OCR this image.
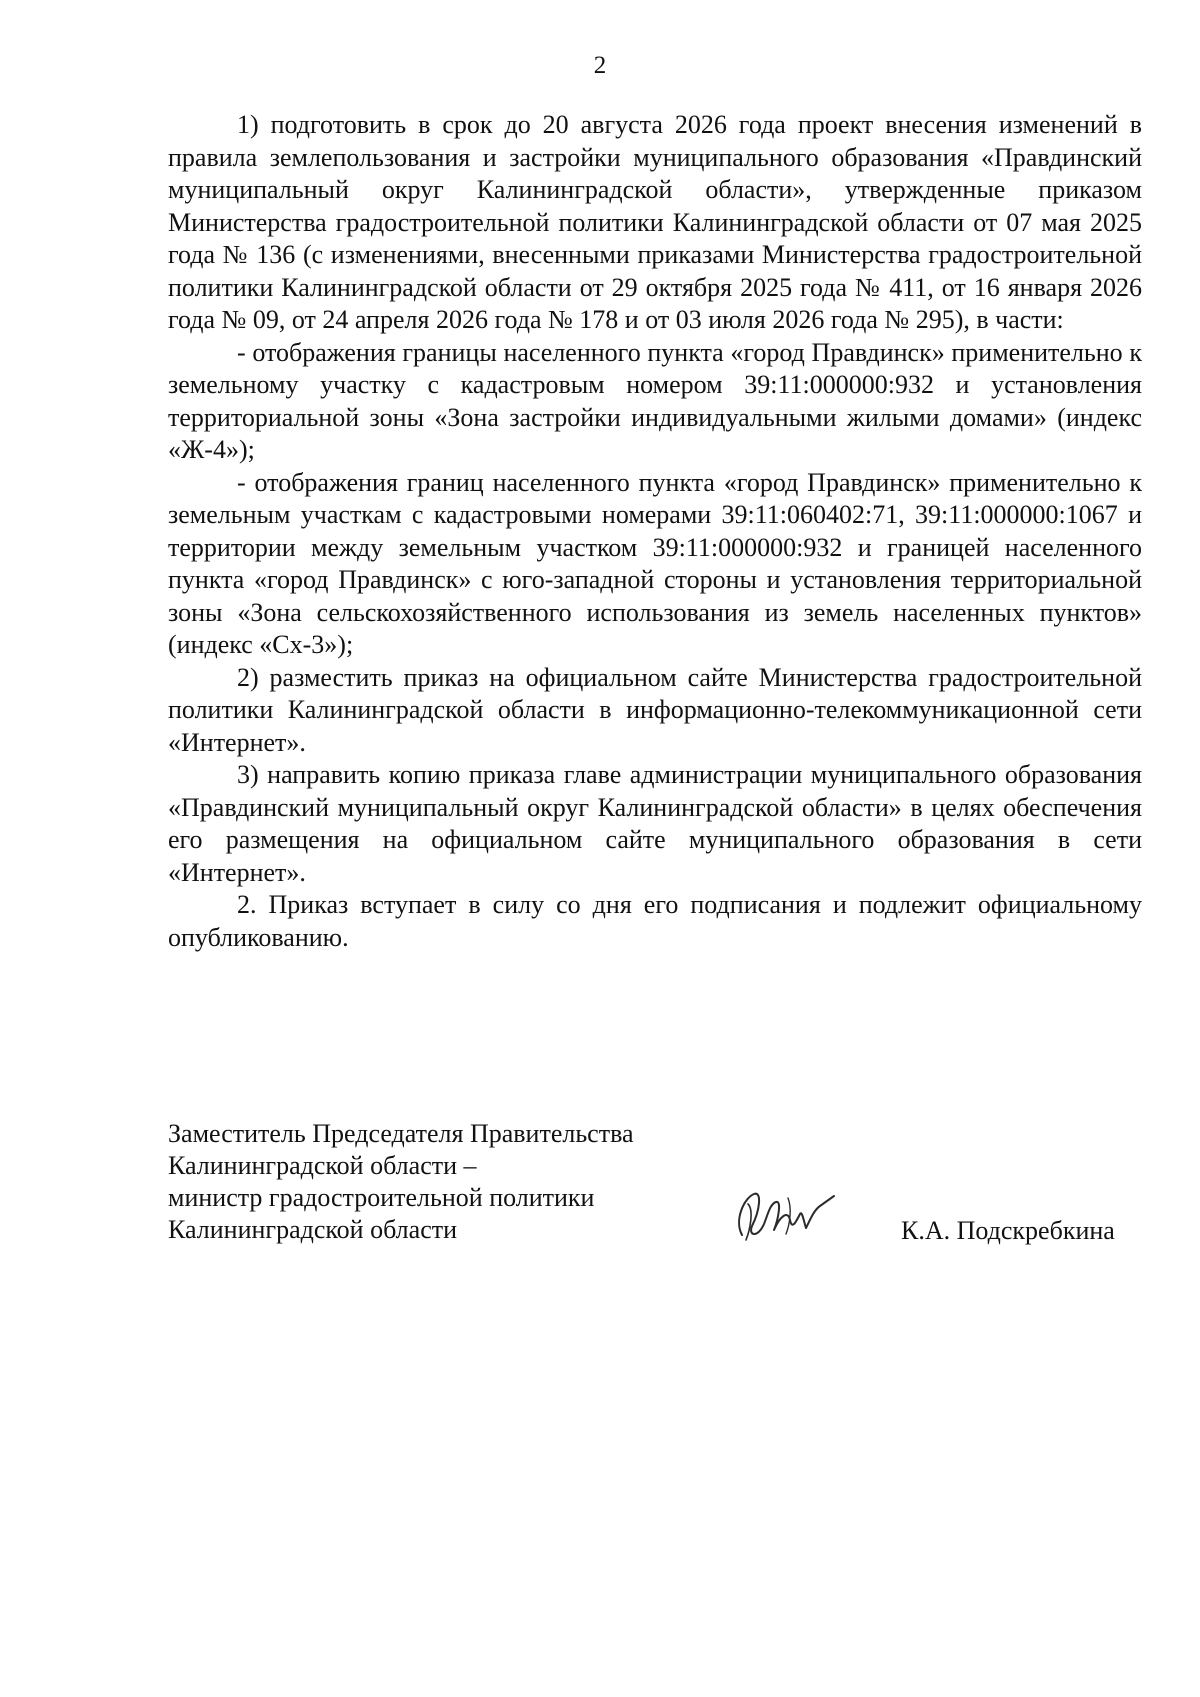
2

1) подготовить в срок до 20 августа 2026 года проект внесения изменений в правила землепользования и застройки муниципального образования «Правдинский муниципальный округ Калининградской области», утвержденные приказом Министерства градостроительной политики Калининградской области от 07 мая 2025 года № 136 (с изменениями, внесенными приказами Министерства градостроительной политики Калининградской области от 29 октября 2025 года № 411, от 16 января 2026 года № 09, от 24 апреля 2026 года № 178 и от 03 июля 2026 года № 295), в части:

- отображения границы населенного пункта «город Правдинск» применительно к земельному участку с кадастровым номером 39:11:000000:932 и установления территориальной зоны «Зона застройки индивидуальными жилыми домами» (индекс «Ж-4»);

- отображения границ населенного пункта «город Правдинск» применительно к земельным участкам с кадастровыми номерами 39:11:060402:71, 39:11:000000:1067 и территории между земельным участком 39:11:000000:932 и границей населенного пункта «город Правдинск» с юго-западной стороны и установления территориальной зоны «Зона сельскохозяйственного использования из земель населенных пунктов» (индекс «Сх-3»);

2) разместить приказ на официальном сайте Министерства градостроительной политики Калининградской области в информационно-телекоммуникационной сети «Интернет».

3) направить копию приказа главе администрации муниципального образования «Правдинский муниципальный округ Калининградской области» в целях обеспечения его размещения на официальном сайте муниципального образования в сети «Интернет».

2. Приказ вступает в силу со дня его подписания и подлежит официальному опубликованию.

Заместитель Председателя Правительства
Калининградской области –
министр градостроительной политики
Калининградской области	К.А. Подскребкина
